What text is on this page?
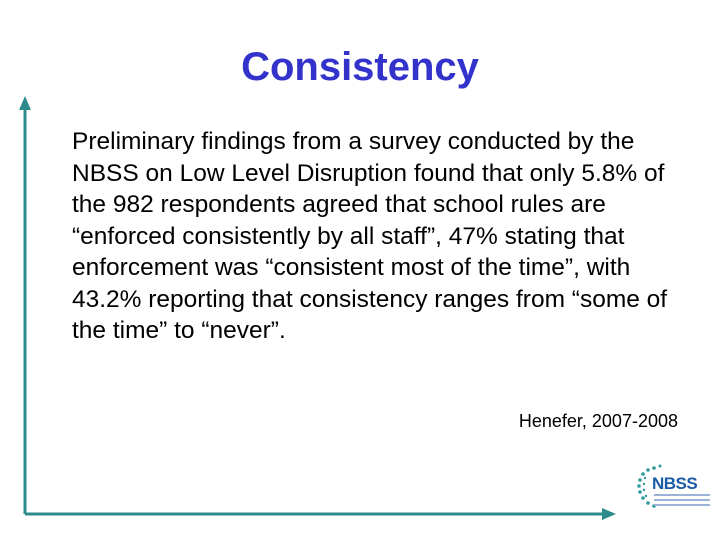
Consistency

Preliminary findings from a survey conducted by the NBSS on Low Level Disruption found that only 5.8% of the 982 respondents agreed that school rules are “enforced consistently by all staff”, 47% stating that enforcement was “consistent most of the time”, with 43.2% reporting that consistency ranges from “some of the time” to “never”.

Henefer, 2007-2008
NBSS
